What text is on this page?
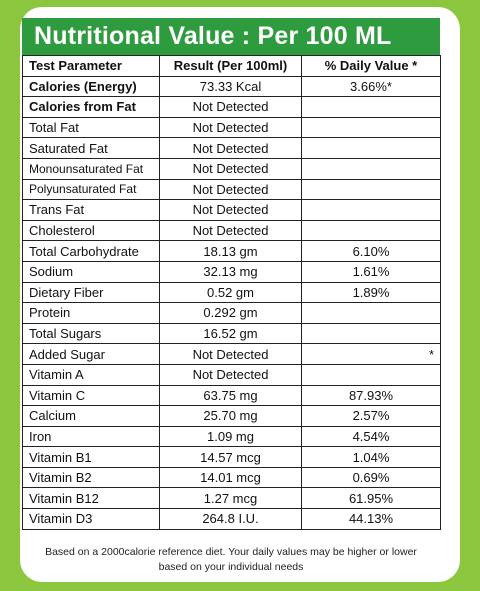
Nutritional Value : Per 100 ML
Test Parameter	Result (Per 100ml)	% Daily Value *
Calories (Energy)	73.33 Kcal	3.66%*
Calories from Fat	Not Detected	
Total Fat	Not Detected	
Saturated Fat	Not Detected	
Monounsaturated Fat	Not Detected	
Polyunsaturated Fat	Not Detected	
Trans Fat	Not Detected	
Cholesterol	Not Detected	
Total Carbohydrate	18.13 gm	6.10%
Sodium	32.13 mg	1.61%
Dietary Fiber	0.52 gm	1.89%
Protein	0.292 gm	
Total Sugars	16.52 gm	
Added Sugar	Not Detected	*
Vitamin A	Not Detected	
Vitamin C	63.75 mg	87.93%
Calcium	25.70 mg	2.57%
Iron	1.09 mg	4.54%
Vitamin B1	14.57 mcg	1.04%
Vitamin B2	14.01 mcg	0.69%
Vitamin B12	1.27 mcg	61.95%
Vitamin D3	264.8 I.U.	44.13%
Based on a 2000calorie reference diet. Your daily values may be higher or lower
based on your individual needs
